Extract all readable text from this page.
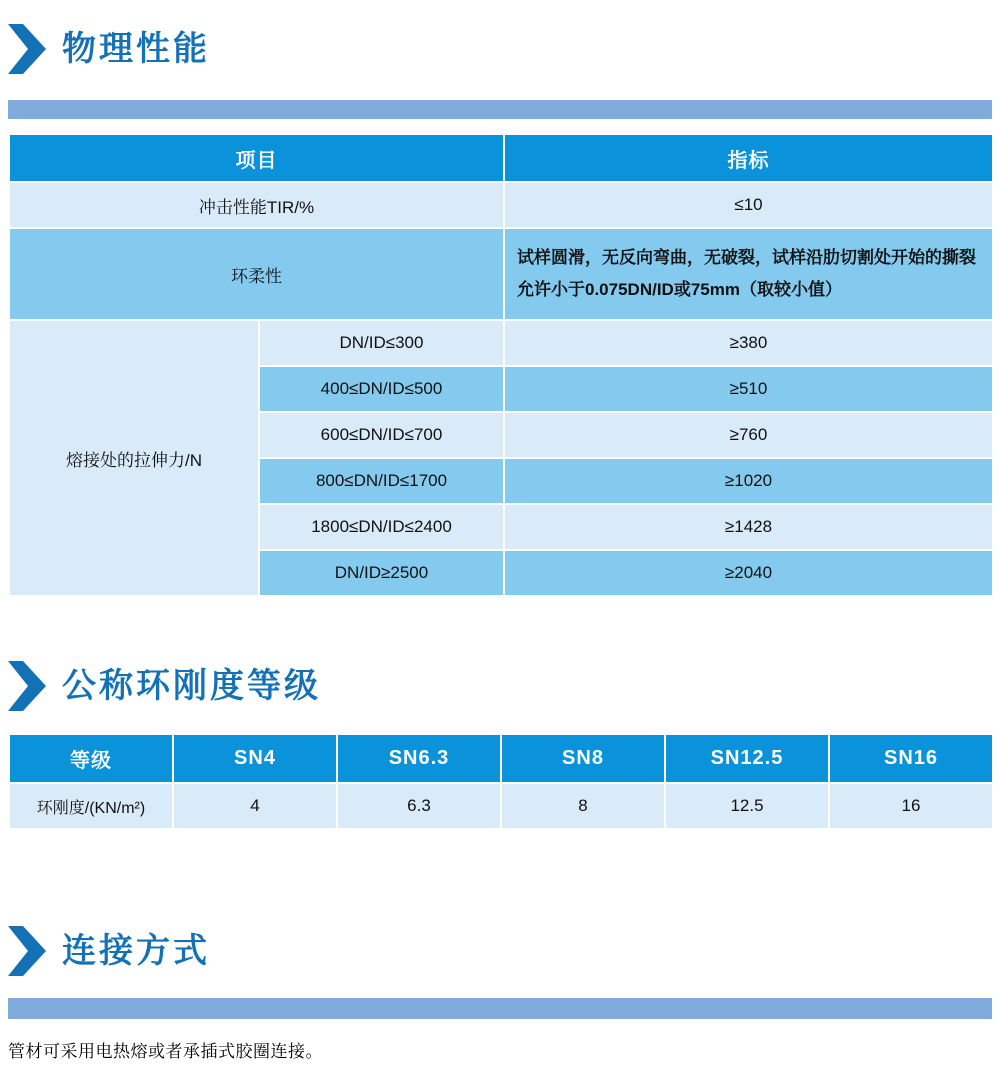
物理性能
项目		指标
冲击性能TIR/%		≤10
环柔性		试样圆滑，无反向弯曲，无破裂，试样沿肋切割处开始的撕裂允许小于0.075DN/ID或75mm（取较小值）
熔接处的拉伸力/N	DN/ID≤300	≥380
	400≤DN/ID≤500	≥510
	600≤DN/ID≤700	≥760
	800≤DN/ID≤1700	≥1020
	1800≤DN/ID≤2400	≥1428
	DN/ID≥2500	≥2040
公称环刚度等级
等级	SN4	SN6.3	SN8	SN12.5	SN16
环刚度/(KN/m²)	4	6.3	8	12.5	16
连接方式
管材可采用电热熔或者承插式胶圈连接。
